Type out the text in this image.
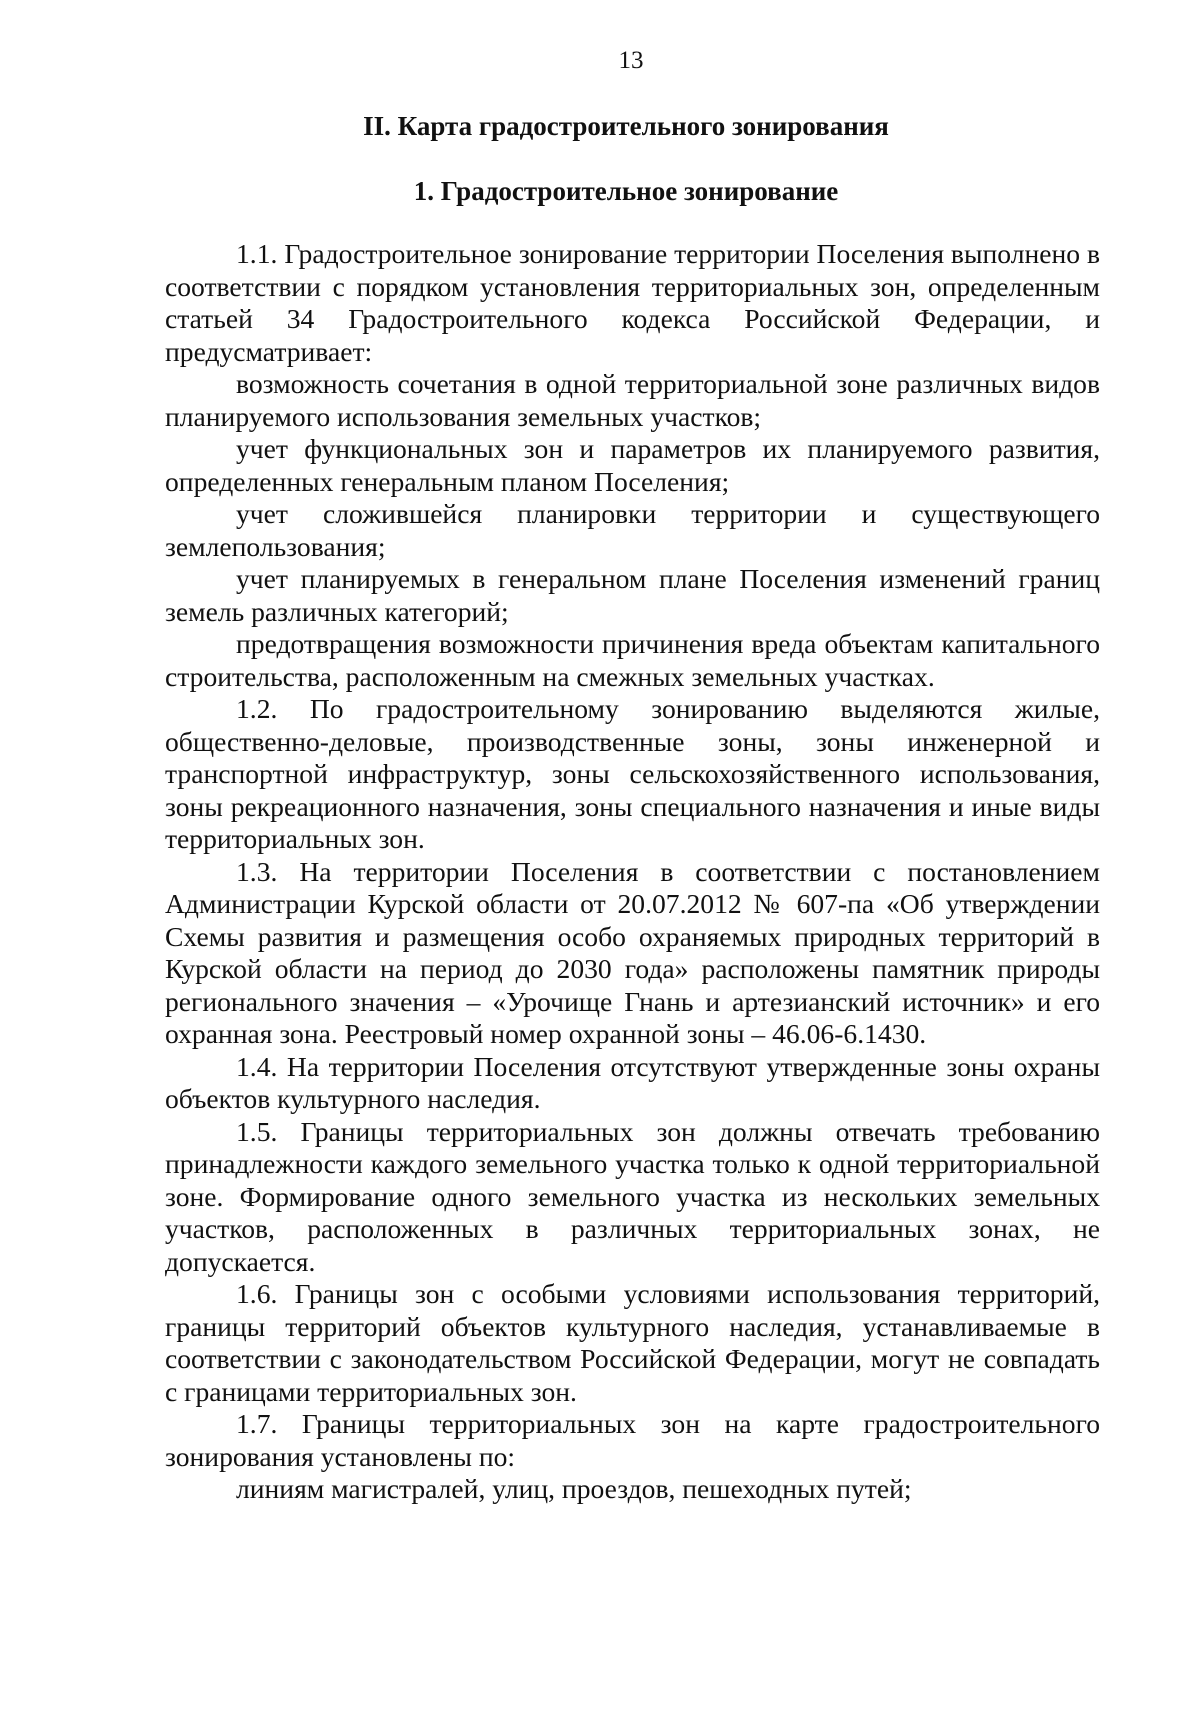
13
II. Карта градостроительного зонирования
1. Градостроительное зонирование

1.1. Градостроительное зонирование территории Поселения выполнено в соответствии с порядком установления территориальных зон, определенным статьей 34 Градостроительного кодекса Российской Федерации, и предусматривает:

возможность сочетания в одной территориальной зоне различных видов планируемого использования земельных участков;

учет функциональных зон и параметров их планируемого развития, определенных генеральным планом Поселения;

учет сложившейся планировки территории и существующего землепользования;

учет планируемых в генеральном плане Поселения изменений границ земель различных категорий;

предотвращения возможности причинения вреда объектам капитального строительства, расположенным на смежных земельных участках.

1.2. По градостроительному зонированию выделяются жилые, общественно-деловые, производственные зоны, зоны инженерной и транспортной инфраструктур, зоны сельскохозяйственного использования, зоны рекреационного назначения, зоны специального назначения и иные виды территориальных зон.

1.3. На территории Поселения в соответствии с постановлением Администрации Курской области от 20.07.2012 № 607-па «Об утверждении Схемы развития и размещения особо охраняемых природных территорий в Курской области на период до 2030 года» расположены памятник природы регионального значения – «Урочище Гнань и артезианский источник» и его охранная зона. Реестровый номер охранной зоны – 46.06-6.1430.

1.4. На территории Поселения отсутствуют утвержденные зоны охраны объектов культурного наследия.

1.5. Границы территориальных зон должны отвечать требованию принадлежности каждого земельного участка только к одной территориальной зоне. Формирование одного земельного участка из нескольких земельных участков, расположенных в различных территориальных зонах, не допускается.

1.6. Границы зон с особыми условиями использования территорий, границы территорий объектов культурного наследия, устанавливаемые в соответствии с законодательством Российской Федерации, могут не совпадать с границами территориальных зон.

1.7. Границы территориальных зон на карте градостроительного зонирования установлены по:

линиям магистралей, улиц, проездов, пешеходных путей;
